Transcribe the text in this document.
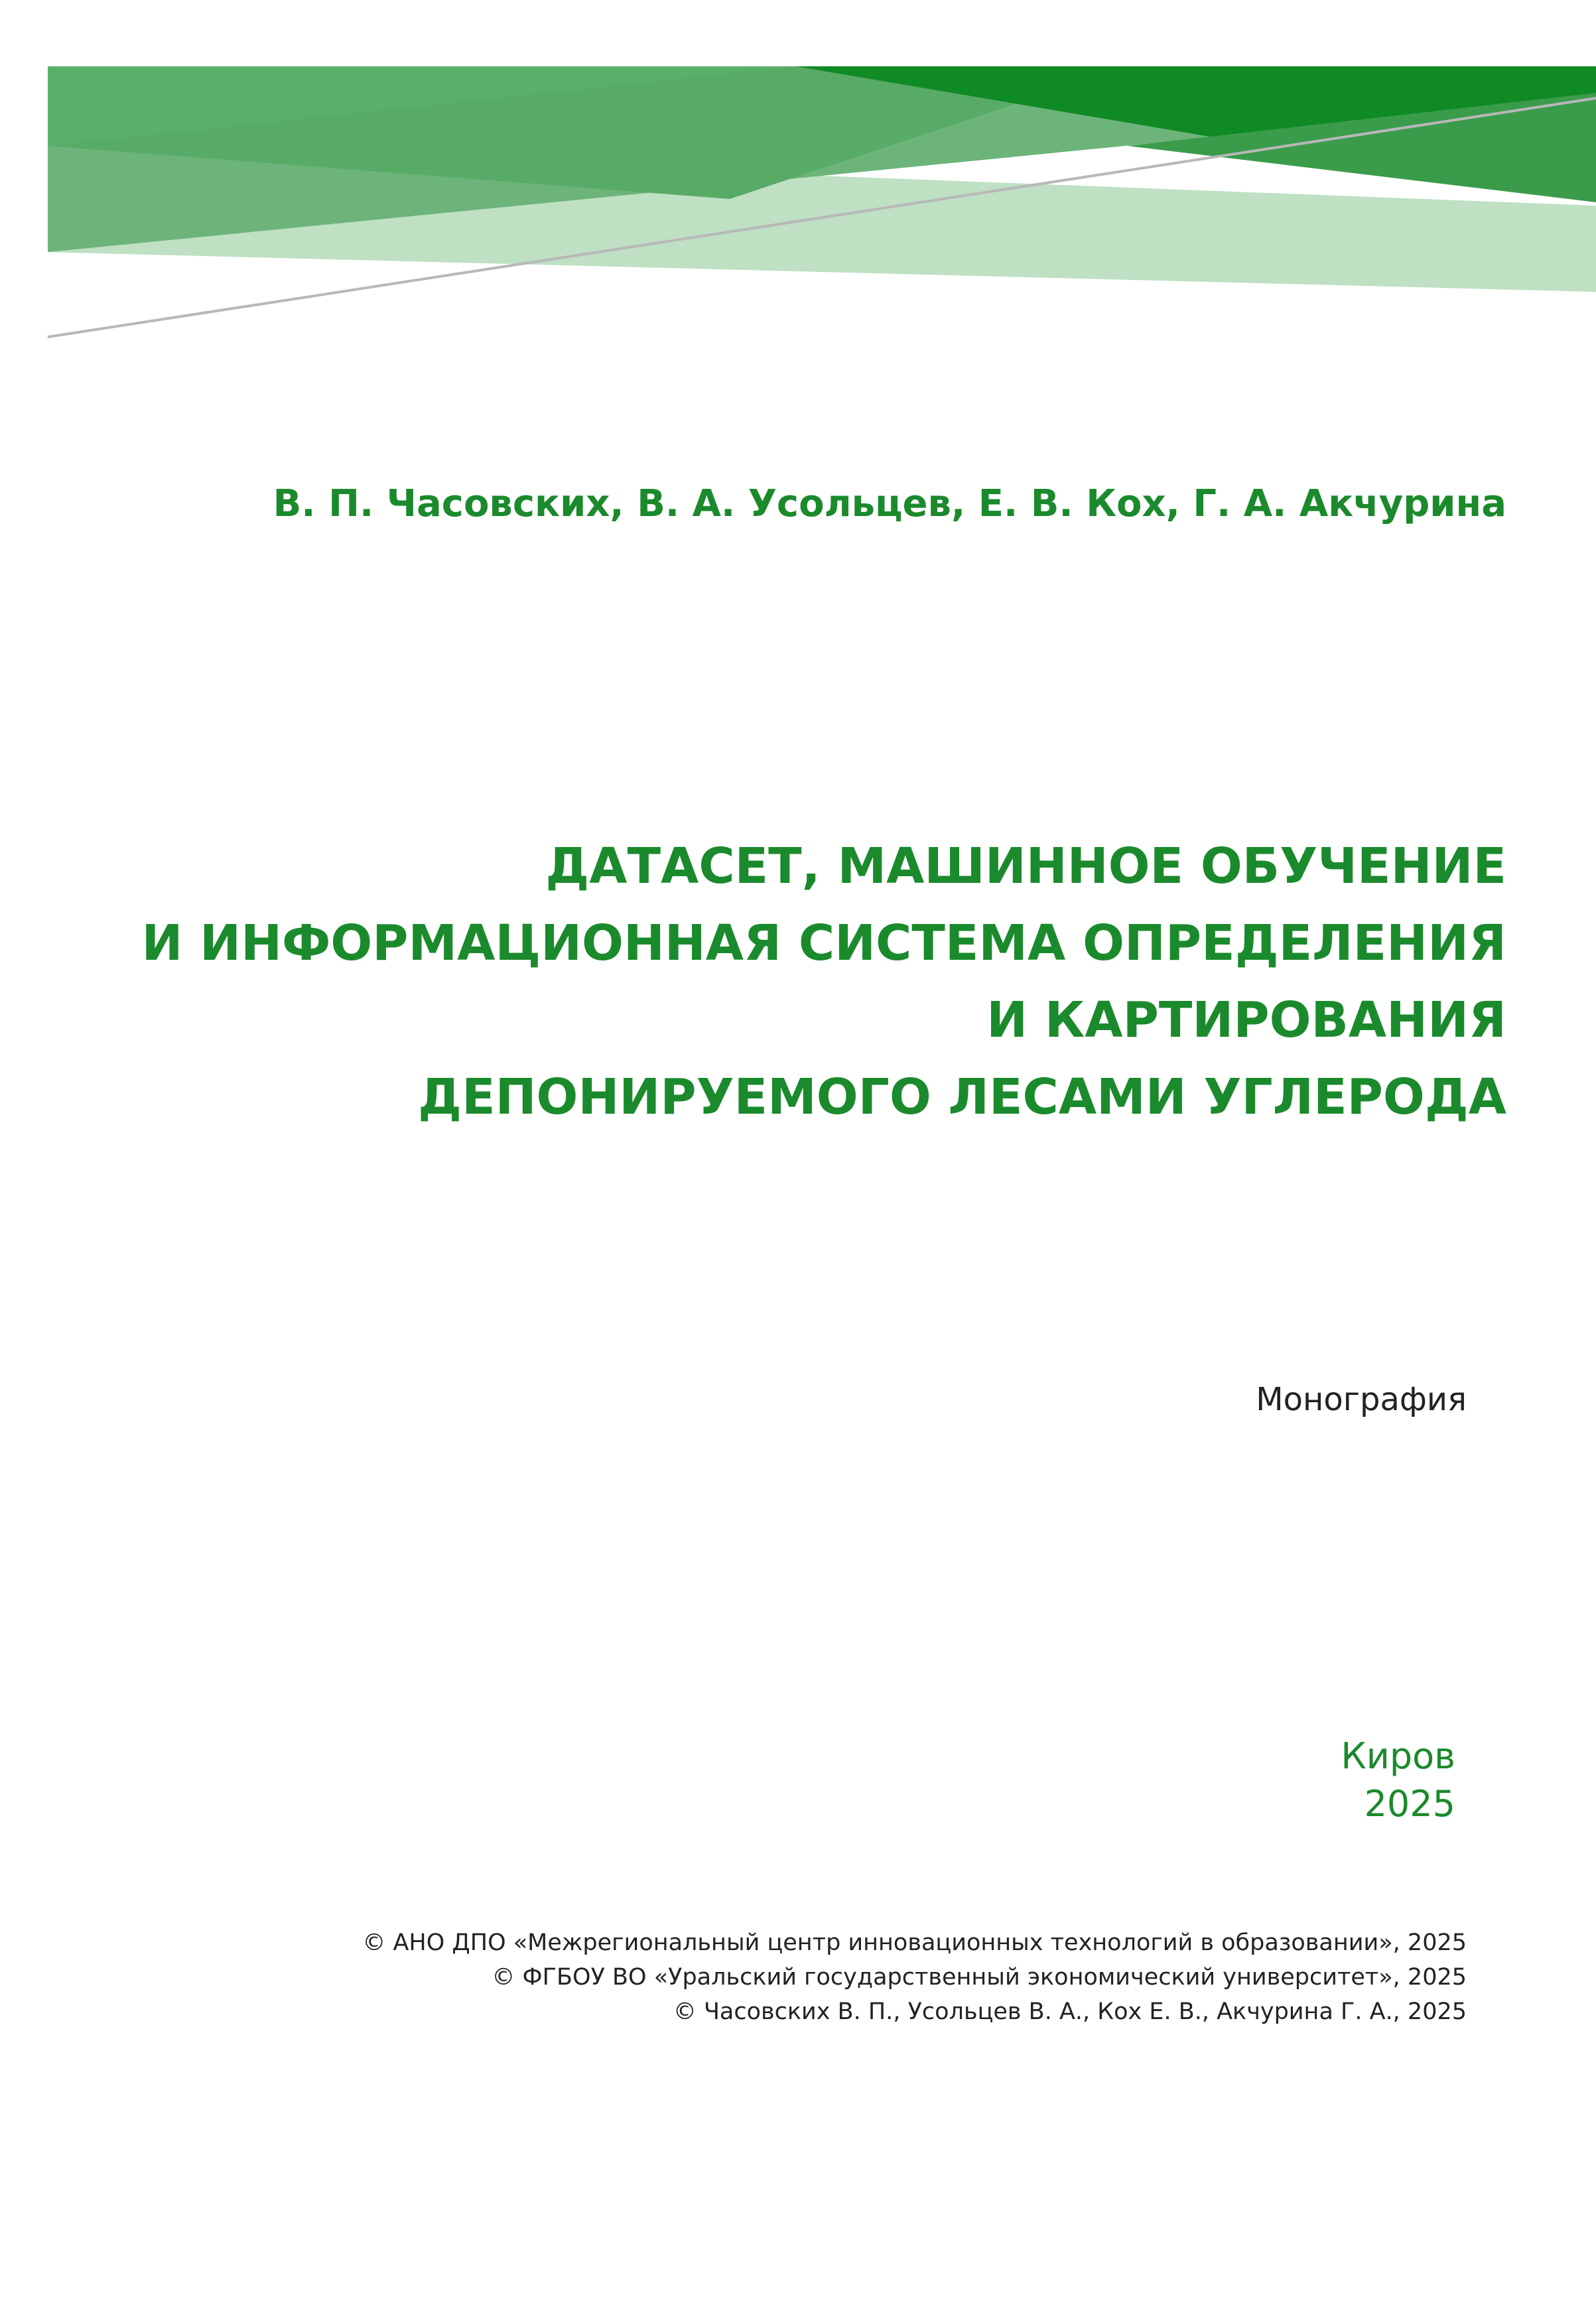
В. П. Часовских, В. А. Усольцев, Е. В. Кох, Г. А. Акчурина
ДАТАСЕТ, МАШИННОЕ ОБУЧЕНИЕ
И ИНФОРМАЦИОННАЯ СИСТЕМА ОПРЕДЕЛЕНИЯ
И КАРТИРОВАНИЯ
ДЕПОНИРУЕМОГО ЛЕСАМИ УГЛЕРОДА
Монография
Киров
2025
© АНО ДПО «Межрегиональный центр инновационных технологий в образовании», 2025
© ФГБОУ ВО «Уральский государственный экономический университет», 2025
© Часовских В. П., Усольцев В. А., Кох Е. В., Акчурина Г. А., 2025
